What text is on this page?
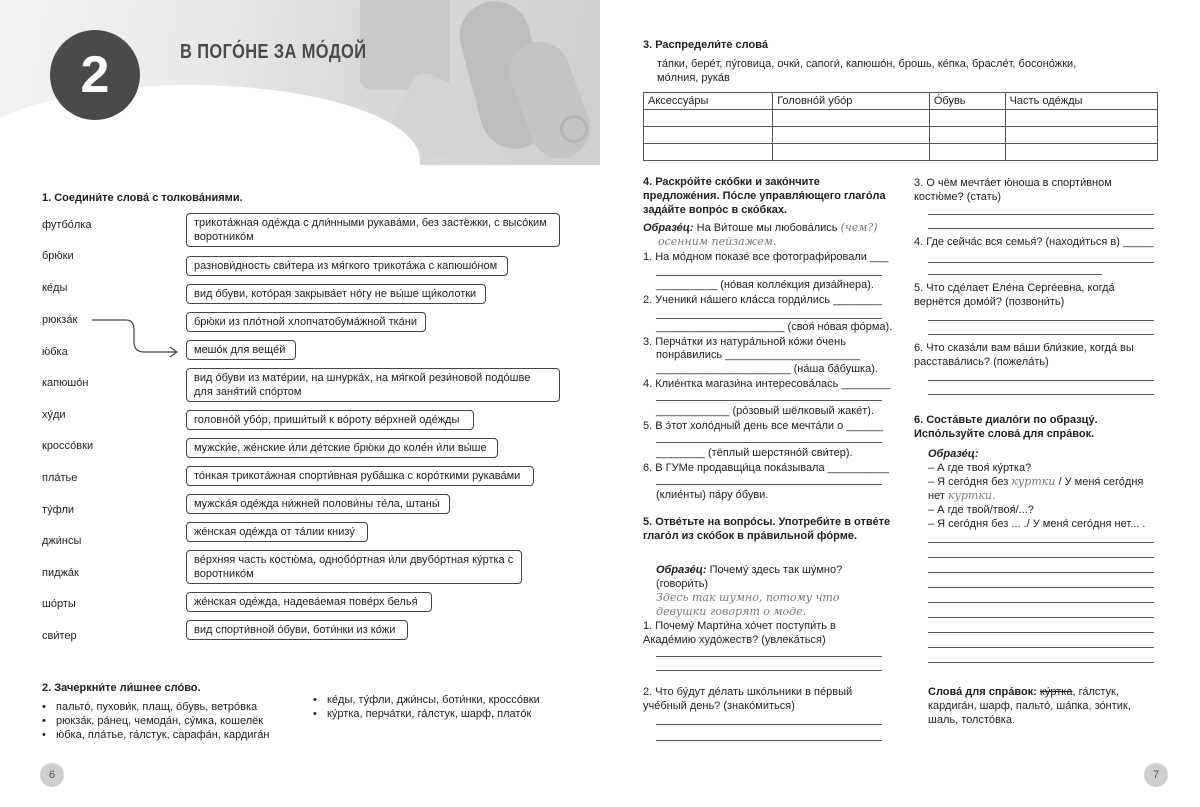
2	В ПОГО́НЕ ЗА МО́ДОЙ
1. Соедини́те слова́ с толкова́ниями.
футбо́лка
брю́ки
ке́ды
рюкза́к
ю́бка
капюшо́н
ху́ди
кроссо́вки
пла́тье
ту́фли
джи́нсы
пиджа́к
шо́рты
сви́тер
трикота́жная оде́жда с дли́нными рукава́ми, без застёжки, с высо́ким воротнико́м
разнови́дность сви́тера из мя́гкого трикота́жа с капюшо́ном
вид о́буви, кото́рая закрыва́ет но́гу не вы́ше щи́колотки
брю́ки из пло́тной хлопчатобума́жной тка́ни
мешо́к для веще́й
вид о́буви из мате́рии, на шнурка́х, на мя́гкой рези́новой подо́шве для заня́тий спо́ртом
головно́й убо́р, приши́тый к во́роту ве́рхней оде́жды
мужски́е, же́нские и́ли де́тские брю́ки до коле́н и́ли вы́ше
то́нкая трикота́жная спорти́вная руба́шка с коро́ткими рукава́ми
мужска́я оде́жда ни́жней полови́ны те́ла, штаны́
же́нская оде́жда от та́лии книзу́
ве́рхняя часть костю́ма, однобо́ртная и́ли двубо́ртная ку́ртка с воротнико́м
же́нская оде́жда, надева́емая пове́рх белья́
вид спорти́вной о́буви, боти́нки из ко́жи
2. Зачеркни́те ли́шнее сло́во.
• пальто́, пухови́к, плащ, о́бувь, ветро́вка
• рюкза́к, ра́нец, чемода́н, су́мка, кошелёк
• ю́бка, пла́тье, га́лстук, сарафа́н, кардига́н
• ке́ды, ту́фли, джи́нсы, боти́нки, кроссо́вки
• ку́ртка, перча́тки, га́лстук, шарф, плато́к
6	7
3. Распредели́те слова́
та́пки, бере́т, пу́говица, очки́, сапоги́, капюшо́н, брошь, ке́пка, брасле́т, босоно́жки, мо́лния, рука́в
Аксессуа́ры	Головно́й убо́р	О́бувь	Часть оде́жды

4. Раскро́йте ско́бки и зако́нчите предложе́ния. По́сле управля́ющего глаго́ла зада́йте вопро́с в ско́бках.
Образе́ц: На Ви́тоше мы любова́лись (чем?)
осенним пейзажем.
1. На мо́дном показе́ все фотографи́ровали ___
__________ (но́вая колле́кция диза́йнера).
2. Ученики́ на́шего кла́сса горди́лись ________
_____________________ (своя́ но́вая фо́рма).
3. Перча́тки из натура́льной ко́жи о́чень
понра́вились ______________________
______________________ (на́ша ба́бушка).
4. Клие́нтка магази́на интересова́лась ________
____________ (ро́зовый шёлковый жаке́т).
5. В э́тот холо́дный день все мечта́ли о ______
________ (тёплый шерстяно́й сви́тер).
6. В ГУМе продавщи́ца пока́зывала __________
(клие́нты) па́ру о́буви.
5. Отве́тьте на вопро́сы. Употреби́те в отве́те глаго́л из ско́бок в пра́вильной фо́рме.
Образе́ц: Почему́ здесь так шу́мно? (говори́ть)
Здесь так шумно, потому что
девушки говорят о моде.
1. Почему́ Марти́на хо́чет поступи́ть в Акаде́мию худо́жеств? (увлека́ться)
2. Что бу́дут де́лать шко́льники в пе́рвый уче́бный день? (знако́миться)
3. О чём мечта́ет ю́ноша в спорти́вном костю́ме? (стать)
4. Где сейча́с вся семья́? (находи́ться в) _____
5. Что сде́лает Еле́на Серге́евна, когда́ вернётся домо́й? (позвони́ть)
6. Что сказа́ли вам ва́ши бли́зкие, когда́ вы расстава́лись? (пожела́ть)
6. Соста́вьте диало́ги по образцу́. Испо́льзуйте слова́ для спра́вок.
Образе́ц:
– А где твоя́ ку́ртка?
– Я сего́дня без куртки / У меня́ сего́дня
нет куртки.
– А где твой/твоя́/...?
– Я сего́дня без ... ./ У меня́ сего́дня нет... .
Слова́ для спра́вок: ку́ртка, га́лстук, кардига́н, шарф, пальто́, ша́пка, зо́нтик, шаль, толсто́вка.
